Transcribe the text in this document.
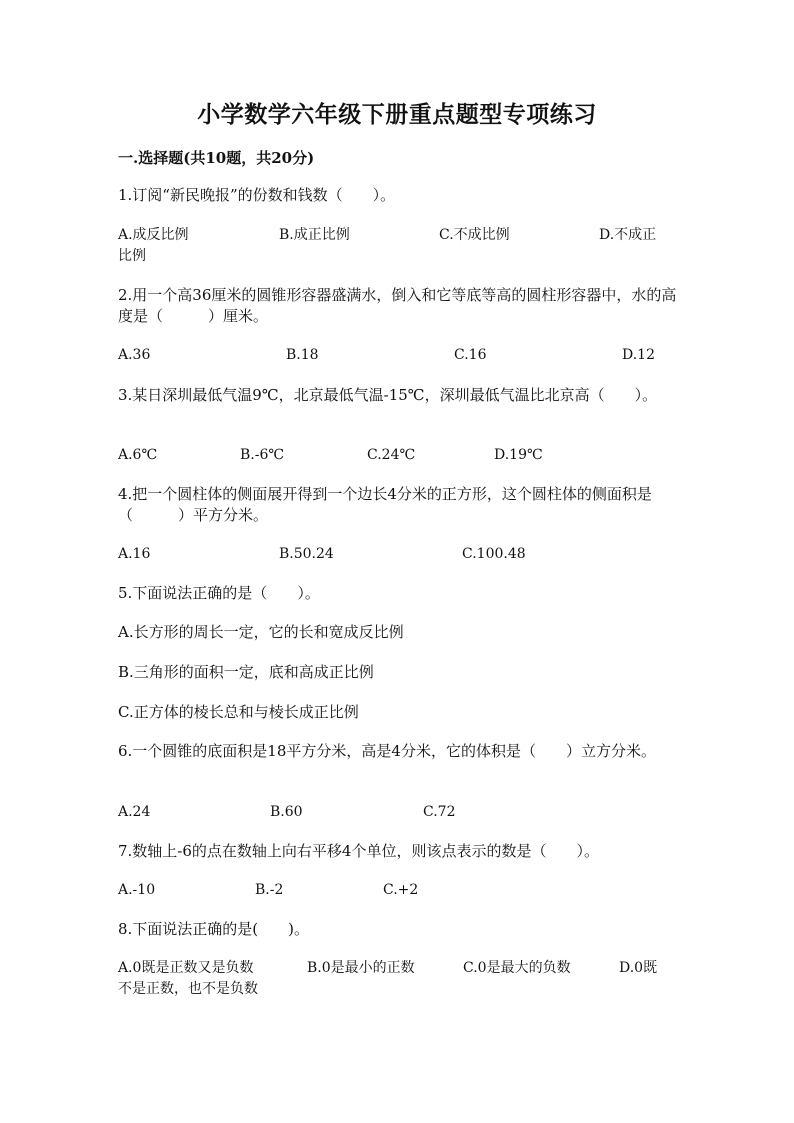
小学数学六年级下册重点题型专项练习
一.选择题(共10题，共20分)
1.订阅“新民晚报”的份数和钱数（　　）。
A.成反比例	B.成正比例	C.不成比例	D.不成正
比例
2.用一个高36厘米的圆锥形容器盛满水，倒入和它等底等高的圆柱形容器中，水的高度是（　　　）厘米。
A.36	B.18	C.16	D.12
3.某日深圳最低气温9℃，北京最低气温-15℃，深圳最低气温比北京高（　　）。
A.6℃	B.-6℃	C.24℃	D.19℃
4.把一个圆柱体的侧面展开得到一个边长4分米的正方形，这个圆柱体的侧面积是（　　　）平方分米。
A.16	B.50.24	C.100.48
5.下面说法正确的是（　　）。
A.长方形的周长一定，它的长和宽成反比例
B.三角形的面积一定，底和高成正比例
C.正方体的棱长总和与棱长成正比例
6.一个圆锥的底面积是18平方分米，高是4分米，它的体积是（　　）立方分米。
A.24	B.60	C.72
7.数轴上-6的点在数轴上向右平移4个单位，则该点表示的数是（　　）。
A.-10	B.-2	C.+2
8.下面说法正确的是(　　)。
A.0既是正数又是负数	B.0是最小的正数	C.0是最大的负数	D.0既
不是正数，也不是负数
